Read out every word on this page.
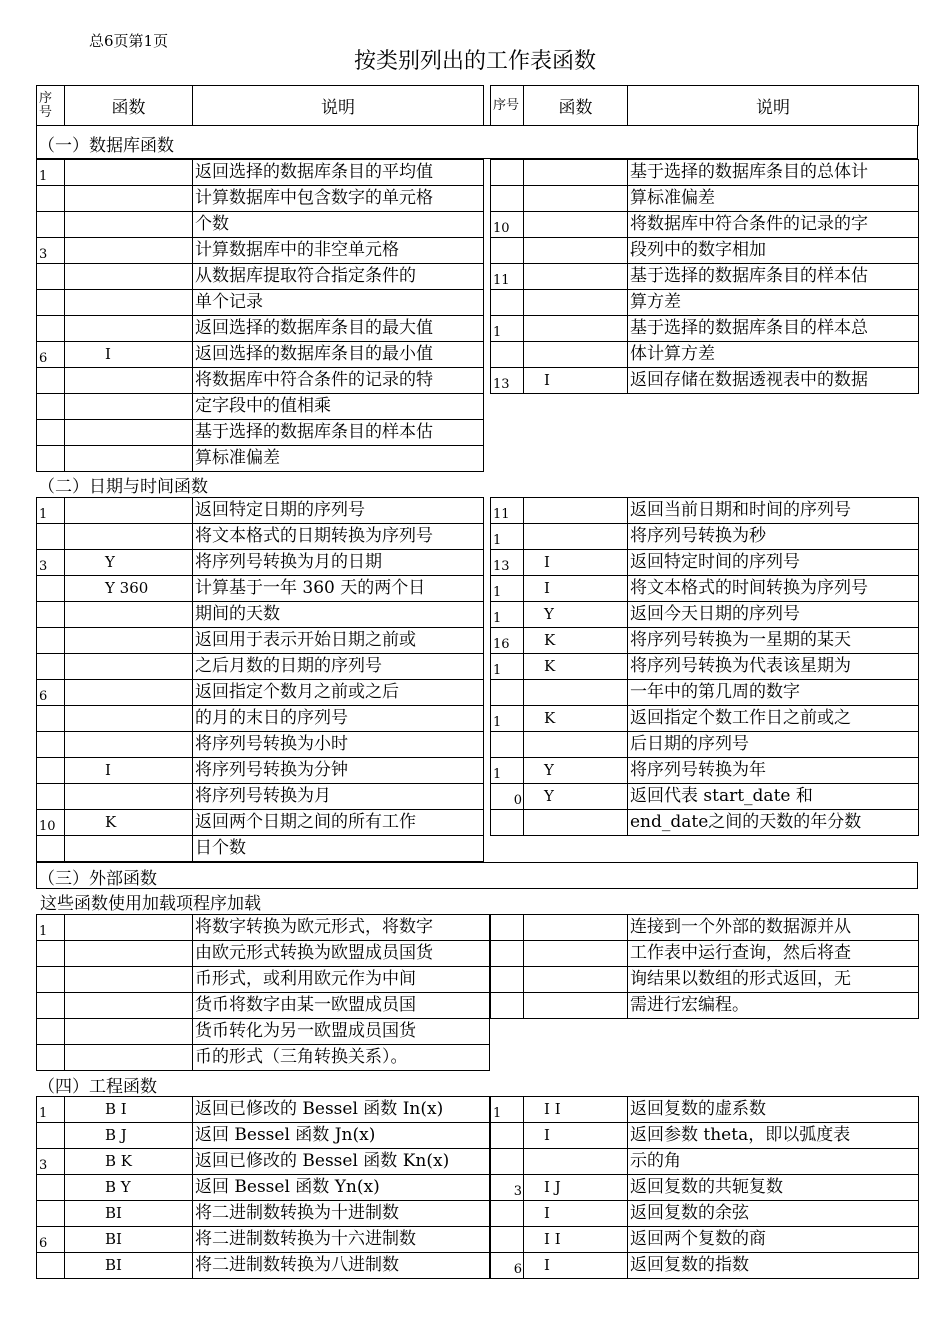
总6页第1页
按类别列出的工作表函数
序号	函数	说明	序号	函数	说明
（一）数据库函数
（二）日期与时间函数
（三）外部函数
这些函数使用加载项程序加载
（四）工程函数
1		返回选择的数据库条目的平均值
		计算数据库中包含数字的单元格
		个数
3		计算数据库中的非空单元格
		从数据库提取符合指定条件的
		单个记录
		返回选择的数据库条目的最大值
6	I	返回选择的数据库条目的最小值
		将数据库中符合条件的记录的特
		定字段中的值相乘
		基于选择的数据库条目的样本估
		算标准偏差
		基于选择的数据库条目的总体计
		算标准偏差
10		将数据库中符合条件的记录的字
		段列中的数字相加
11		基于选择的数据库条目的样本估
		算方差
1		基于选择的数据库条目的样本总
		体计算方差
13	I	返回存储在数据透视表中的数据
1		返回特定日期的序列号
		将文本格式的日期转换为序列号
3	Y	将序列号转换为月的日期
	Y 360	计算基于一年 360 天的两个日
		期间的天数
		返回用于表示开始日期之前或
		之后月数的日期的序列号
6		返回指定个数月之前或之后
		的月的末日的序列号
		将序列号转换为小时
	I	将序列号转换为分钟
		将序列号转换为月
10	K	返回两个日期之间的所有工作
		日个数
11		返回当前日期和时间的序列号
1		将序列号转换为秒
13	I	返回特定时间的序列号
1	I	将文本格式的时间转换为序列号
1	Y	返回今天日期的序列号
16	K	将序列号转换为一星期的某天
1	K	将序列号转换为代表该星期为
		一年中的第几周的数字
1	K	返回指定个数工作日之前或之
		后日期的序列号
1	Y	将序列号转换为年
0	Y	返回代表 start_date 和
		end_date之间的天数的年分数
1		将数字转换为欧元形式，将数字
		由欧元形式转换为欧盟成员国货
		币形式，或利用欧元作为中间
		货币将数字由某一欧盟成员国
		货币转化为另一欧盟成员国货
		币的形式（三角转换关系）。
		连接到一个外部的数据源并从
		工作表中运行查询，然后将查
		询结果以数组的形式返回，无
		需进行宏编程。
1	B I	返回已修改的 Bessel 函数 In(x)
	B J	返回 Bessel 函数 Jn(x)
3	B K	返回已修改的 Bessel 函数 Kn(x)
	B Y	返回 Bessel 函数 Yn(x)
	BI	将二进制数转换为十进制数
6	BI	将二进制数转换为十六进制数
	BI	将二进制数转换为八进制数
1	I I	返回复数的虚系数
	I	返回参数 theta，即以弧度表
		示的角
3	I J	返回复数的共轭复数
	I	返回复数的余弦
	I I	返回两个复数的商
6	I	返回复数的指数
